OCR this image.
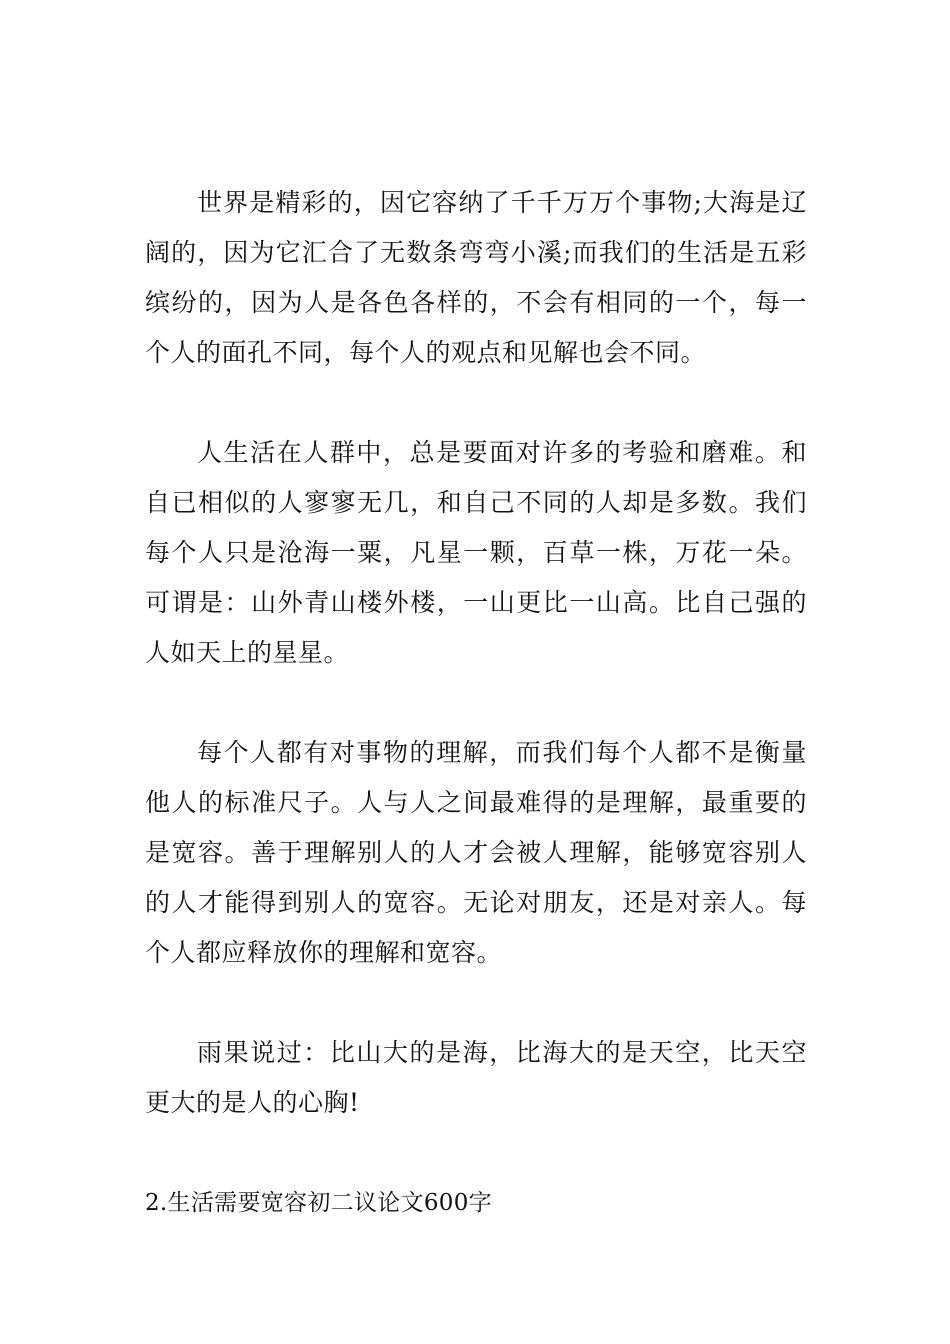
世界是精彩的，因它容纳了千千万万个事物;大海是辽阔的，因为它汇合了无数条弯弯小溪;而我们的生活是五彩缤纷的，因为人是各色各样的，不会有相同的一个，每一个人的面孔不同，每个人的观点和见解也会不同。

人生活在人群中，总是要面对许多的考验和磨难。和自已相似的人寥寥无几，和自己不同的人却是多数。我们每个人只是沧海一粟，凡星一颗，百草一株，万花一朵。可谓是：山外青山楼外楼，一山更比一山高。比自己强的人如天上的星星。

每个人都有对事物的理解，而我们每个人都不是衡量他人的标准尺子。人与人之间最难得的是理解，最重要的是宽容。善于理解别人的人才会被人理解，能够宽容别人的人才能得到别人的宽容。无论对朋友，还是对亲人。每个人都应释放你的理解和宽容。

雨果说过：比山大的是海，比海大的是天空，比天空更大的是人的心胸!

2.生活需要宽容初二议论文600字
